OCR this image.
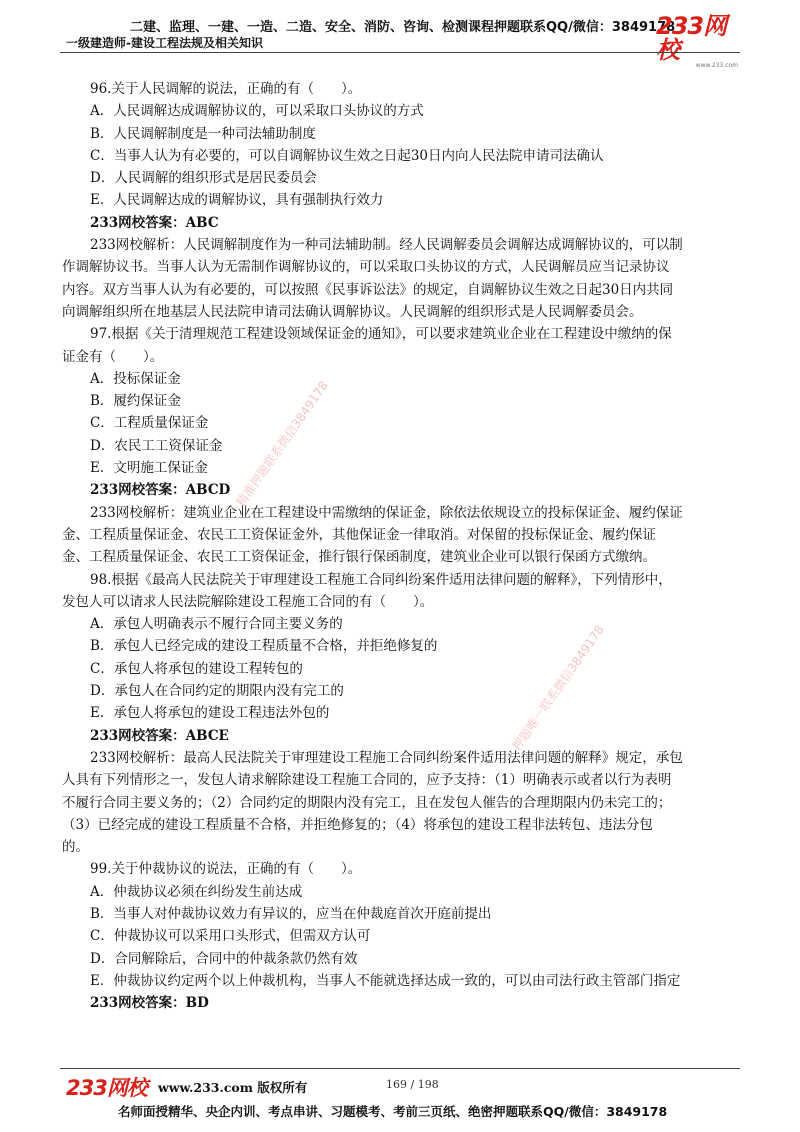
二建、监理、一建、一造、二造、安全、消防、咨询、检测课程押题联系QQ/微信：3849178
一级建造师-建设工程法规及相关知识
233网校
www.233.com
精准押题联系微信3849178
押题唯一联系微信3849178
96.关于人民调解的说法，正确的有（　　）。
A．人民调解达成调解协议的，可以采取口头协议的方式
B．人民调解制度是一种司法辅助制度
C．当事人认为有必要的，可以自调解协议生效之日起30日内向人民法院申请司法确认
D．人民调解的组织形式是居民委员会
E．人民调解达成的调解协议，具有强制执行效力
233网校答案：ABC
233网校解析：人民调解制度作为一种司法辅助制。经人民调解委员会调解达成调解协议的，可以制
作调解协议书。当事人认为无需制作调解协议的，可以采取口头协议的方式，人民调解员应当记录协议
内容。双方当事人认为有必要的，可以按照《民事诉讼法》的规定，自调解协议生效之日起30日内共同
向调解组织所在地基层人民法院申请司法确认调解协议。人民调解的组织形式是人民调解委员会。
97.根据《关于清理规范工程建设领域保证金的通知》，可以要求建筑业企业在工程建设中缴纳的保
证金有（　　）。
A．投标保证金
B．履约保证金
C．工程质量保证金
D．农民工工资保证金
E．文明施工保证金
233网校答案：ABCD
233网校解析：建筑业企业在工程建设中需缴纳的保证金，除依法依规设立的投标保证金、履约保证
金、工程质量保证金、农民工工资保证金外，其他保证金一律取消。对保留的投标保证金、履约保证
金、工程质量保证金、农民工工资保证金，推行银行保函制度，建筑业企业可以银行保函方式缴纳。
98.根据《最高人民法院关于审理建设工程施工合同纠纷案件适用法律问题的解释》，下列情形中，
发包人可以请求人民法院解除建设工程施工合同的有（　　）。
A．承包人明确表示不履行合同主要义务的
B．承包人已经完成的建设工程质量不合格，并拒绝修复的
C．承包人将承包的建设工程转包的
D．承包人在合同约定的期限内没有完工的
E．承包人将承包的建设工程违法外包的
233网校答案：ABCE
233网校解析：最高人民法院关于审理建设工程施工合同纠纷案件适用法律问题的解释》规定，承包
人具有下列情形之一，发包人请求解除建设工程施工合同的，应予支持：（1）明确表示或者以行为表明
不履行合同主要义务的；（2）合同约定的期限内没有完工，且在发包人催告的合理期限内仍未完工的；
（3）已经完成的建设工程质量不合格，并拒绝修复的；（4）将承包的建设工程非法转包、违法分包
的。
99.关于仲裁协议的说法，正确的有（　　）。
A．仲裁协议必须在纠纷发生前达成
B．当事人对仲裁协议效力有异议的，应当在仲裁庭首次开庭前提出
C．仲裁协议可以采用口头形式，但需双方认可
D．合同解除后，合同中的仲裁条款仍然有效
E．仲裁协议约定两个以上仲裁机构，当事人不能就选择达成一致的，可以由司法行政主管部门指定
233网校答案：BD
233网校 www.233.com 版权所有	169 / 198
名师面授精华、央企内训、考点串讲、习题模考、考前三页纸、绝密押题联系QQ/微信：3849178
